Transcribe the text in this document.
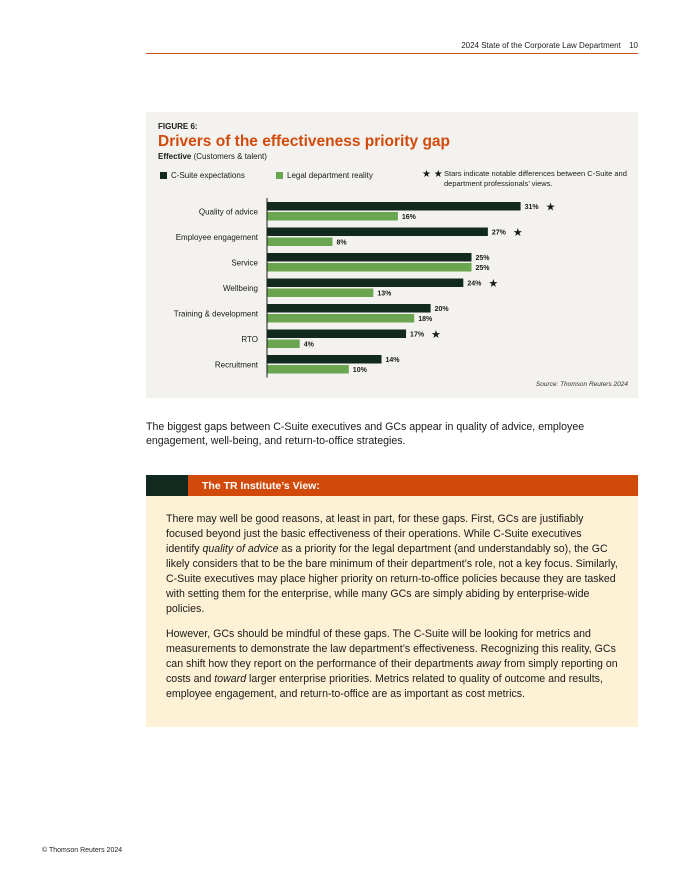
2024 State of the Corporate Law Department 10
FIGURE 6:
Drivers of the effectiveness priority gap
Effective (Customers & talent)
C-Suite expectations	Legal department reality	★ ★ Stars indicate notable differences between C-Suite and department professionals’ views.
Quality of advice	31% ★
16%
Employee engagement	27% ★
8%
Service	25%
25%
Wellbeing	24% ★
13%
Training & development	20%
18%
RTO	17% ★
4%
Recruitment	14%
10%
Source: Thomson Reuters 2024
The biggest gaps between C-Suite executives and GCs appear in quality of advice, employee engagement, well-being, and return-to-office strategies.
The TR Institute’s View:

There may well be good reasons, at least in part, for these gaps. First, GCs are justifiably focused beyond just the basic effectiveness of their operations. While C-Suite executives identify quality of advice as a priority for the legal department (and understandably so), the GC likely considers that to be the bare minimum of their department’s role, not a key focus. Similarly, C-Suite executives may place higher priority on return-to-office policies because they are tasked with setting them for the enterprise, while many GCs are simply abiding by enterprise-wide policies.

However, GCs should be mindful of these gaps. The C-Suite will be looking for metrics and measurements to demonstrate the law department’s effectiveness. Recognizing this reality, GCs can shift how they report on the performance of their departments away from simply reporting on costs and toward larger enterprise priorities. Metrics related to quality of outcome and results, employee engagement, and return-to-office are as important as cost metrics.

© Thomson Reuters 2024
